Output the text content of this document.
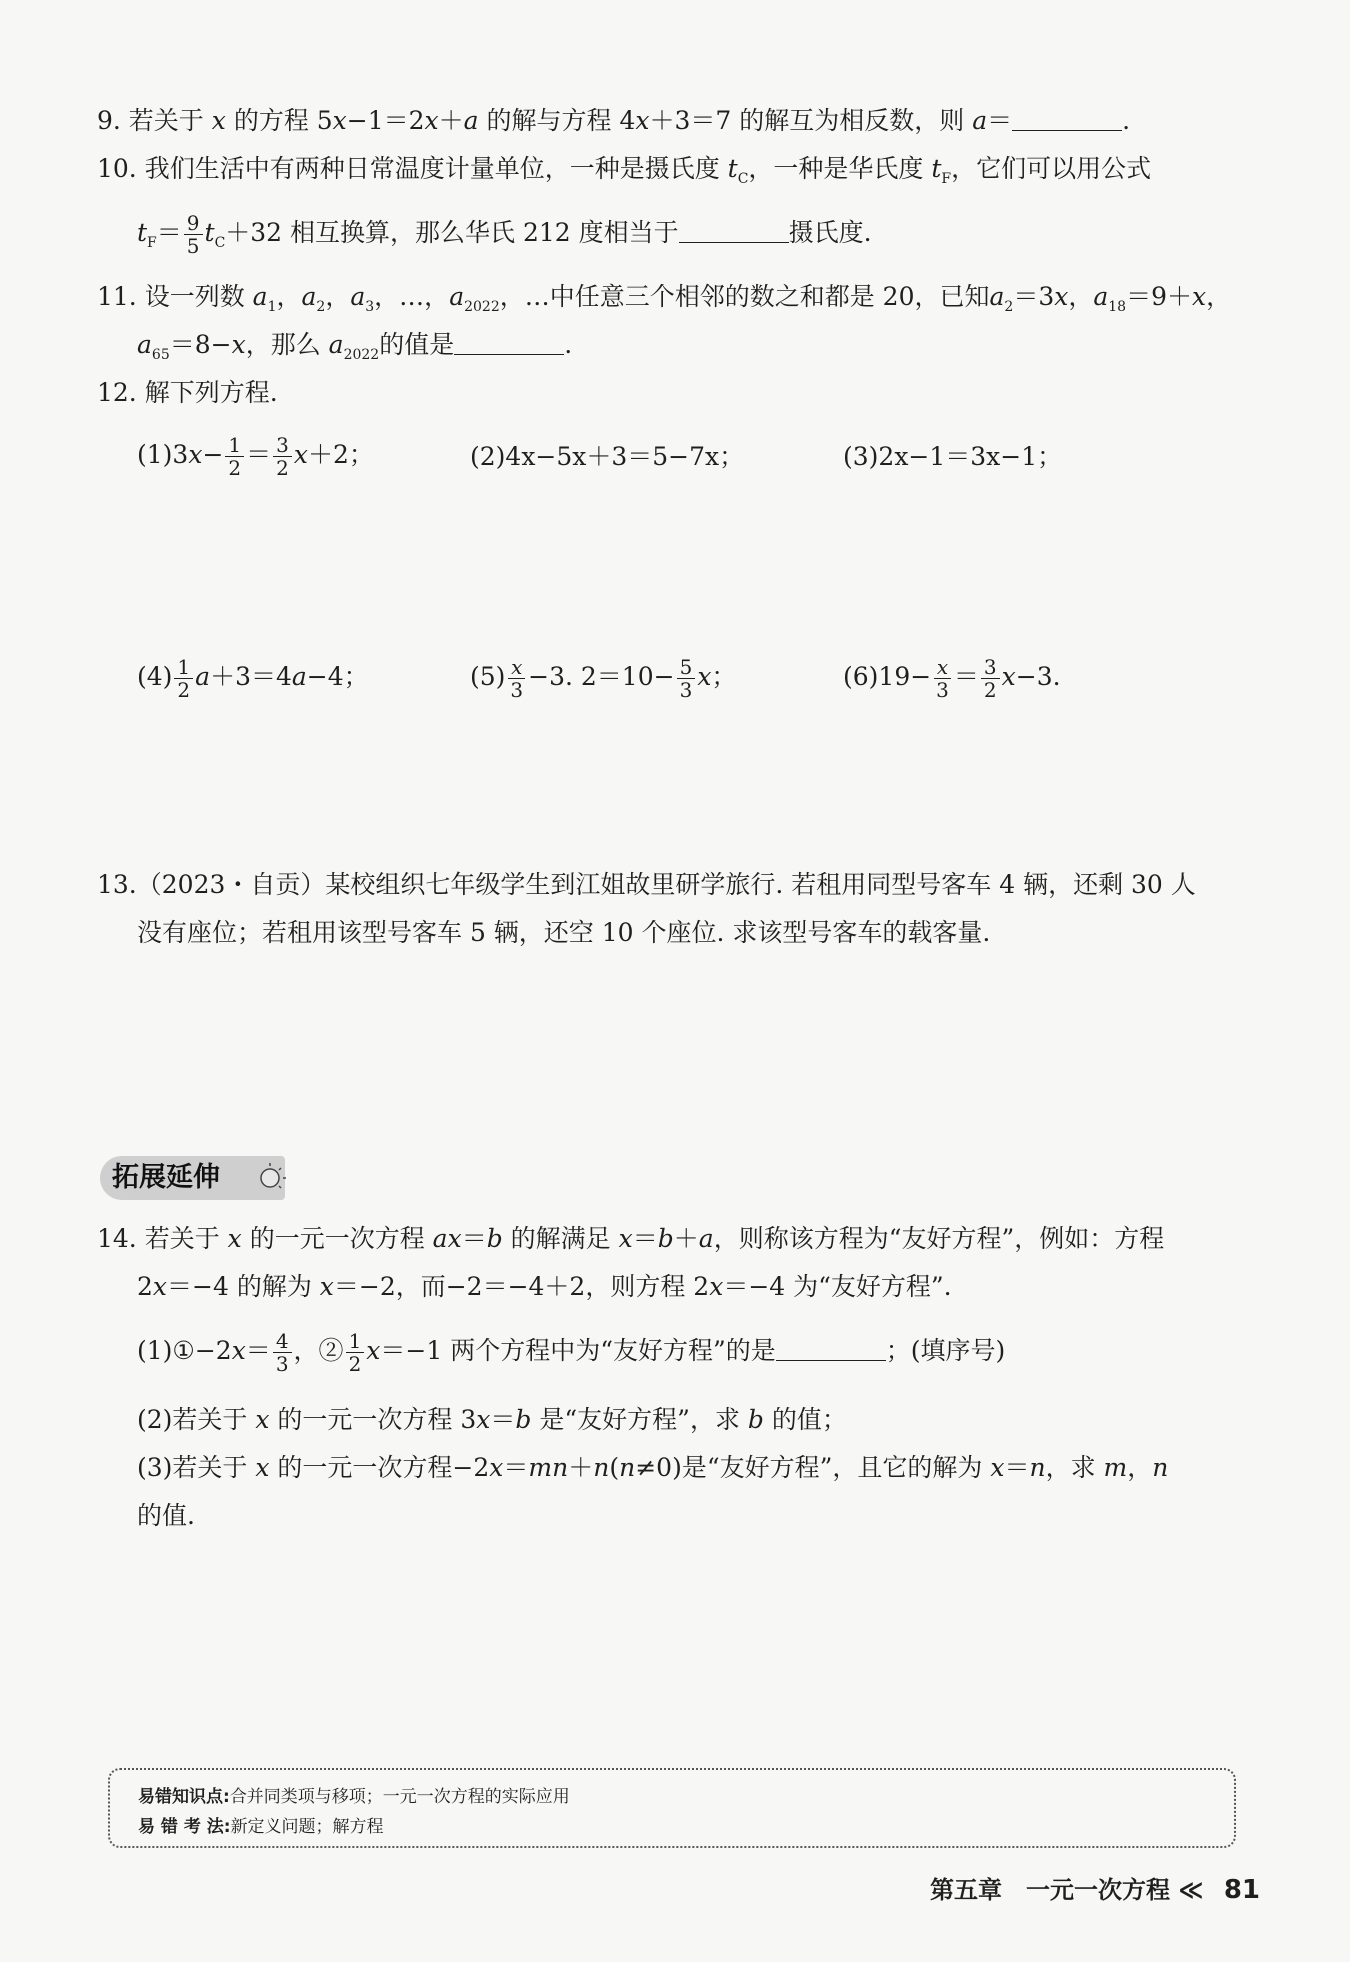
9. 若关于 x 的方程 5x−1＝2x＋a 的解与方程 4x＋3＝7 的解互为相反数，则 a＝	.
10. 我们生活中有两种日常温度计量单位，一种是摄氏度 $t_C$，一种是华氏度 $t_F$，它们可以用公式
$t_F= \frac{9}{5} t_C+32$ 相互换算，那么华氏 212 度相当于	摄氏度.
11. 设一列数 $a_1$，$a_2$，$a_3$，…，$a_{2022}$，…中任意三个相邻的数之和都是 20，已知$a_2=3x$，$a_{18}=9+x$，
$a_{65}=8-x$，那么 $a_{2022}$的值是	.
12. 解下列方程.
$(1)3x- \frac{1}{2} = \frac{3}{2} x+2$；	(2)4x−5x＋3＝5−7x；	(3)2x−1＝3x−1；
$(4) \frac{1}{2} a+3=4a-4$；	$(5) \frac{x}{3} -3$. $2=10- \frac{5}{3}$ x；	$(6)19- \frac{x}{3} = \frac{3}{2} x-3$.
13.（2023・自贡）某校组织七年级学生到江姐故里研学旅行. 若租用同型号客车 4 辆，还剩 30 人
没有座位；若租用该型号客车 5 辆，还空 10 个座位. 求该型号客车的载客量.
拓展延伸
14. 若关于 x 的一元一次方程 ax＝b 的解满足 x＝b＋a，则称该方程为“友好方程”，例如：方程
2x＝−4 的解为 x＝−2，而−2＝−4＋2，则方程 2x＝−4 为“友好方程”.
(1)①−2x＝ $\frac{4}{3}$ ，② $\frac{1}{2} x=-1$ 两个方程中为“友好方程”的是	；(填序号)
(2)若关于 x 的一元一次方程 3x＝b 是“友好方程”，求 b 的值；
(3)若关于 x 的一元一次方程−2x＝mn＋n(n≠0)是“友好方程”，且它的解为 x＝n，求 m，n
的值.
易错知识点:合并同类项与移项；一元一次方程的实际应用
易 错 考 法:新定义问题；解方程
第五章　一元一次方程 ≪ 81
